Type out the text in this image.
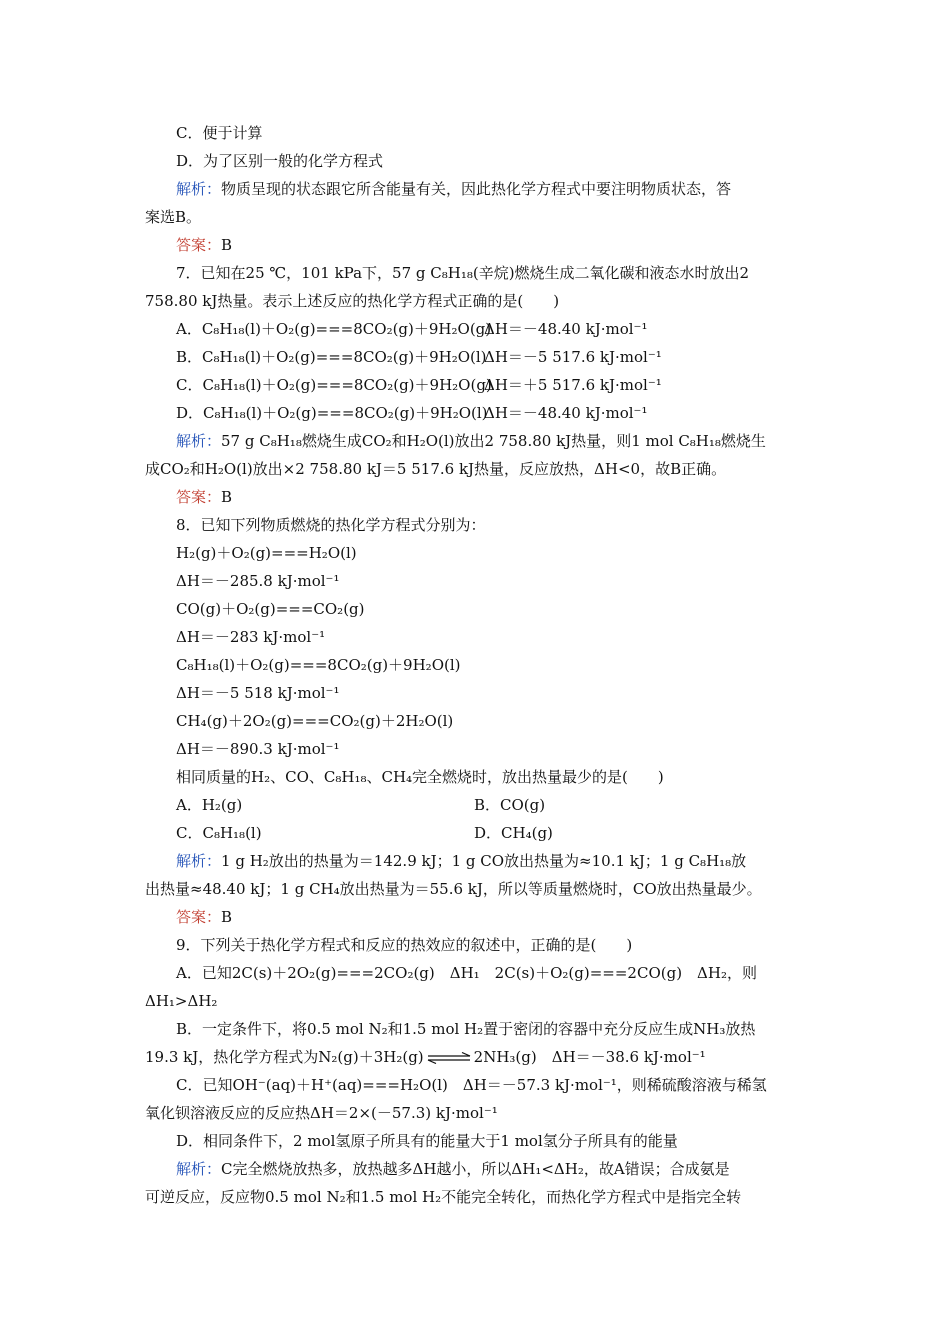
C．便于计算
D．为了区别一般的化学方程式
解析：物质呈现的状态跟它所含能量有关，因此热化学方程式中要注明物质状态，答
案选B。
答案：B
7．已知在25 ℃，101 kPa下，57 g C₈H₁₈(辛烷)燃烧生成二氧化碳和液态水时放出2
758.80 kJ热量。表示上述反应的热化学方程式正确的是(　　)
A．C₈H₁₈(l)＋O₂(g)===8CO₂(g)＋9H₂O(g)
ΔH＝－48.40 kJ·mol⁻¹
B．C₈H₁₈(l)＋O₂(g)===8CO₂(g)＋9H₂O(l)
ΔH＝－5 517.6 kJ·mol⁻¹
C．C₈H₁₈(l)＋O₂(g)===8CO₂(g)＋9H₂O(g)
ΔH＝＋5 517.6 kJ·mol⁻¹
D．C₈H₁₈(l)＋O₂(g)===8CO₂(g)＋9H₂O(l)
ΔH＝－48.40 kJ·mol⁻¹
解析：57 g C₈H₁₈燃烧生成CO₂和H₂O(l)放出2 758.80 kJ热量，则1 mol C₈H₁₈燃烧生
成CO₂和H₂O(l)放出×2 758.80 kJ＝5 517.6 kJ热量，反应放热，ΔH<0，故B正确。
答案：B
8．已知下列物质燃烧的热化学方程式分别为：
H₂(g)＋O₂(g)===H₂O(l)
ΔH＝－285.8 kJ·mol⁻¹
CO(g)＋O₂(g)===CO₂(g)
ΔH＝－283 kJ·mol⁻¹
C₈H₁₈(l)＋O₂(g)===8CO₂(g)＋9H₂O(l)
ΔH＝－5 518 kJ·mol⁻¹
CH₄(g)＋2O₂(g)===CO₂(g)＋2H₂O(l)
ΔH＝－890.3 kJ·mol⁻¹
相同质量的H₂、CO、C₈H₁₈、CH₄完全燃烧时，放出热量最少的是(　　)
A．H₂(g)	B．CO(g)
C．C₈H₁₈(l)	D．CH₄(g)
解析：1 g H₂放出的热量为＝142.9 kJ；1 g CO放出热量为≈10.1 kJ；1 g C₈H₁₈放
出热量≈48.40 kJ；1 g CH₄放出热量为＝55.6 kJ，所以等质量燃烧时，CO放出热量最少。
答案：B
9．下列关于热化学方程式和反应的热效应的叙述中，正确的是(　　)
A．已知2C(s)＋2O₂(g)===2CO₂(g)　ΔH₁　2C(s)＋O₂(g)===2CO(g)　ΔH₂，则
ΔH₁>ΔH₂
B．一定条件下，将0.5 mol N₂和1.5 mol H₂置于密闭的容器中充分反应生成NH₃放热
19.3 kJ，热化学方程式为N₂(g)＋3H₂(g) ⇌ 2NH₃(g)　ΔH＝－38.6 kJ·mol⁻¹
C．已知OH⁻(aq)＋H⁺(aq)===H₂O(l)　ΔH＝－57.3 kJ·mol⁻¹，则稀硫酸溶液与稀氢
氧化钡溶液反应的反应热ΔH＝2×(－57.3) kJ·mol⁻¹
D．相同条件下，2 mol氢原子所具有的能量大于1 mol氢分子所具有的能量
解析：C完全燃烧放热多，放热越多ΔH越小，所以ΔH₁<ΔH₂，故A错误；合成氨是
可逆反应，反应物0.5 mol N₂和1.5 mol H₂不能完全转化，而热化学方程式中是指完全转
